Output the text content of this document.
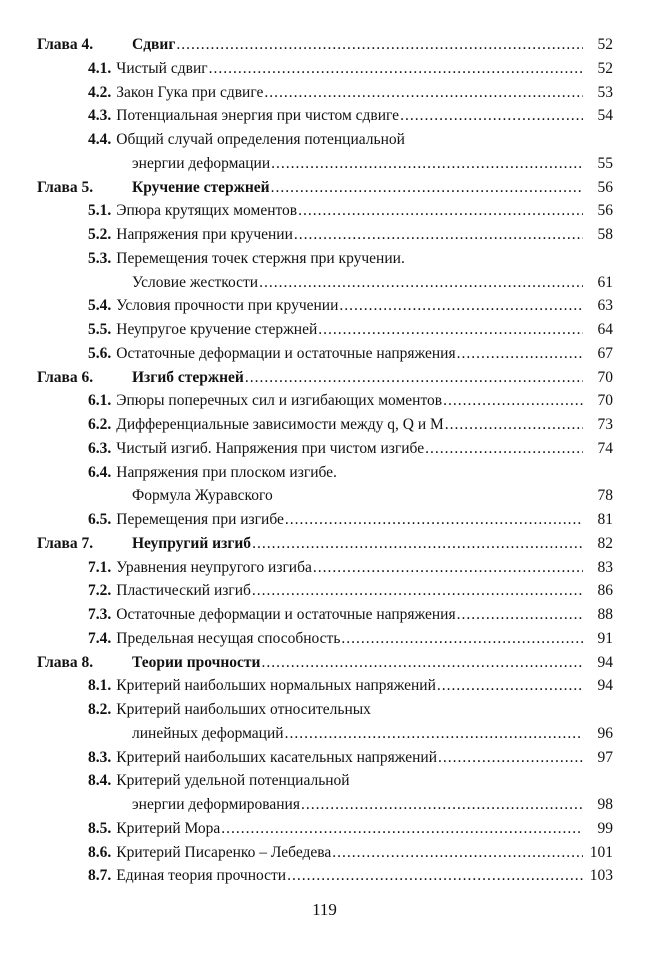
Глава 4.	Сдвиг .....	52
4.1. Чистый сдвиг .....	52
4.2. Закон Гука при сдвиге .....	53
4.3. Потенциальная энергия при чистом сдвиге .....	54
4.4. Общий случай определения потенциальной
энергии деформации .....	55
Глава 5.	Кручение стержней .....	56
5.1. Эпюра крутящих моментов .....	56
5.2. Напряжения при кручении .....	58
5.3. Перемещения точек стержня при кручении.
Условие жесткости .....	61
5.4. Условия прочности при кручении .....	63
5.5. Неупругое кручение стержней .....	64
5.6. Остаточные деформации и остаточные напряжения .....	67
Глава 6.	Изгиб стержней .....	70
6.1. Эпюры поперечных сил и изгибающих моментов .....	70
6.2. Дифференциальные зависимости между q, Q и M .....	73
6.3. Чистый изгиб. Напряжения при чистом изгибе .....	74
6.4. Напряжения при плоском изгибе.
Формула Журавского	78
6.5. Перемещения при изгибе .....	81
Глава 7.	Неупругий изгиб .....	82
7.1. Уравнения неупругого изгиба .....	83
7.2. Пластический изгиб .....	86
7.3. Остаточные деформации и остаточные напряжения .....	88
7.4. Предельная несущая способность .....	91
Глава 8.	Теории прочности .....	94
8.1. Критерий наибольших нормальных напряжений .....	94
8.2. Критерий наибольших относительных
линейных деформаций .....	96
8.3. Критерий наибольших касательных напряжений .....	97
8.4. Критерий удельной потенциальной
энергии деформирования .....	98
8.5. Критерий Мора .....	99
8.6. Критерий Писаренко – Лебедева .....	101
8.7. Единая теория прочности .....	103
119
